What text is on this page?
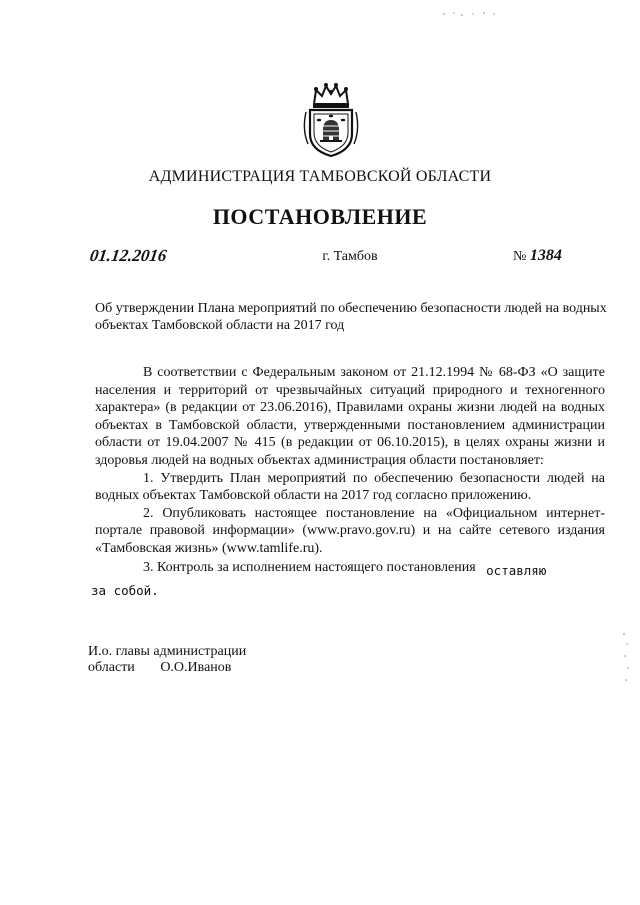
АДМИНИСТРАЦИЯ ТАМБОВСКОЙ ОБЛАСТИ
ПОСТАНОВЛЕНИЕ
01.12.2016	г. Тамбов	№ 1384
Об утверждении Плана мероприятий по обеспечению безопасности людей на водных объектах Тамбовской области на 2017 год

В соответствии с Федеральным законом от 21.12.1994 № 68-ФЗ «О защите населения и территорий от чрезвычайных ситуаций природного и техногенного характера» (в редакции от 23.06.2016), Правилами охраны жизни людей на водных объектах в Тамбовской области, утвержденными постановлением администрации области от 19.04.2007 № 415 (в редакции от 06.10.2015), в целях охраны жизни и здоровья людей на водных объектах администрация области постановляет:

1. Утвердить План мероприятий по обеспечению безопасности людей на водных объектах Тамбовской области на 2017 год согласно приложению.

2. Опубликовать настоящее постановление на «Официальном интернет-портале правовой информации» (www.pravo.gov.ru) и на сайте сетевого издания «Тамбовская жизнь» (www.tamlife.ru).

3. Контроль за исполнением настоящего постановления оставляю

за собой.
И.о. главы администрации
области О.О.Иванов
